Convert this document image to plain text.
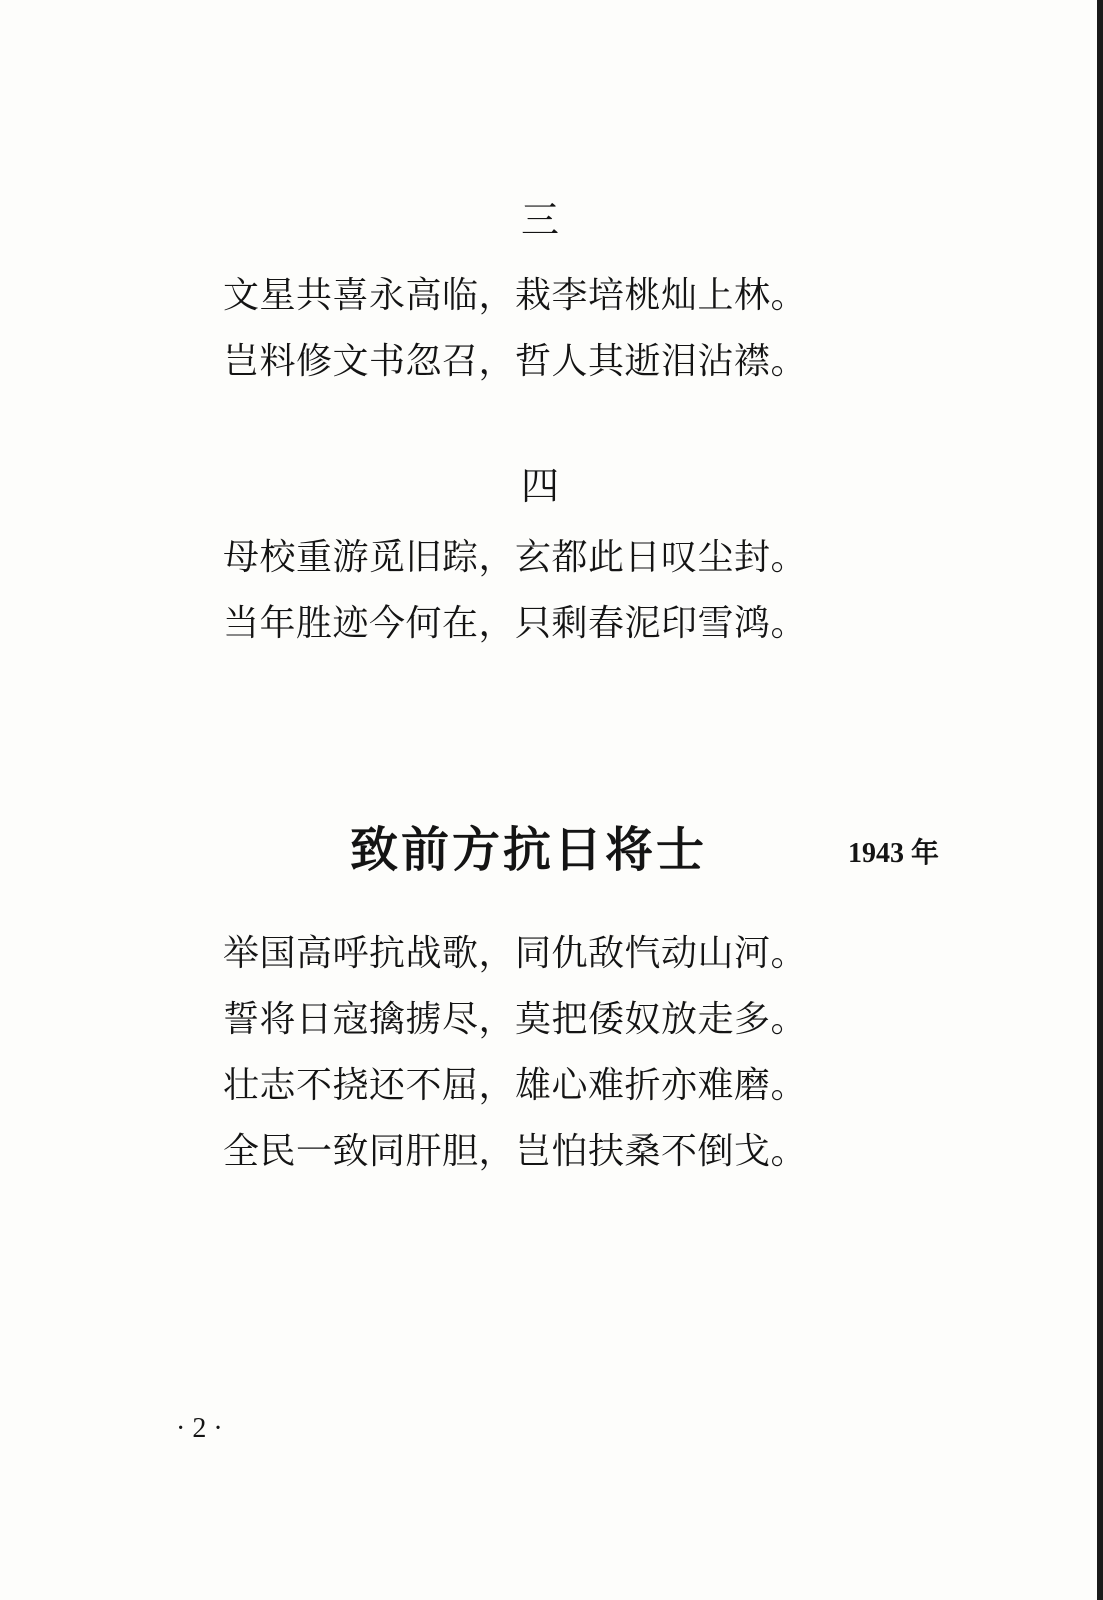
三
文星共喜永高临，栽李培桃灿上林。
岂料修文书忽召，哲人其逝泪沾襟。
四
母校重游觅旧踪，玄都此日叹尘封。
当年胜迹今何在，只剩春泥印雪鸿。
致前方抗日将士	1943 年
举国高呼抗战歌，同仇敌忾动山河。
誓将日寇擒掳尽，莫把倭奴放走多。
壮志不挠还不屈，雄心难折亦难磨。
全民一致同肝胆，岂怕扶桑不倒戈。
· 2 ·
